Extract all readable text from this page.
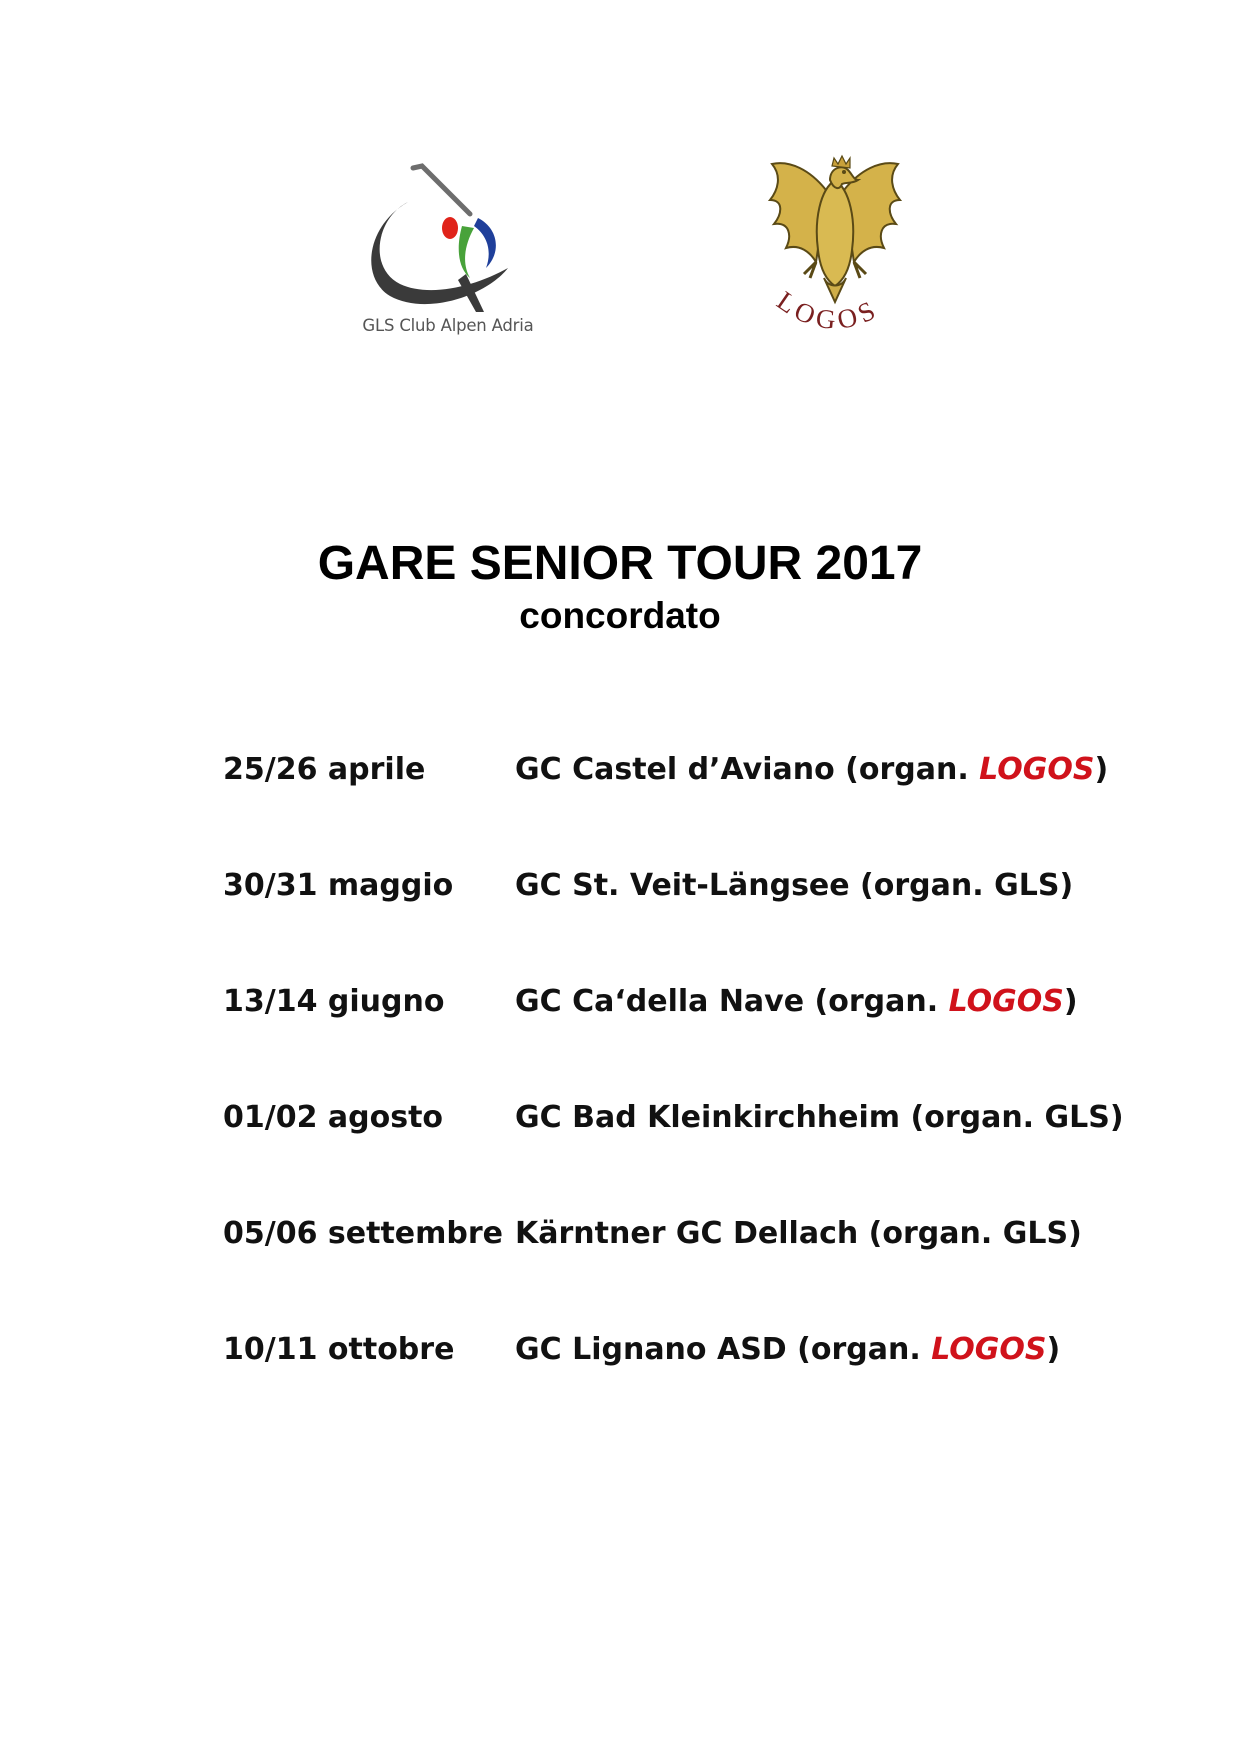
GLS Club Alpen Adria
LOGOS
GARE SENIOR TOUR 2017
concordato
25/26 aprile	GC Castel d’Aviano (organ. LOGOS)
30/31 maggio GC St. Veit-Längsee (organ. GLS)
13/14 giugno GC Ca‘della Nave (organ. LOGOS)
01/02 agosto GC Bad Kleinkirchheim (organ. GLS)
05/06 settembre Kärntner GC Dellach (organ. GLS)
10/11 ottobre GC Lignano ASD (organ. LOGOS)
